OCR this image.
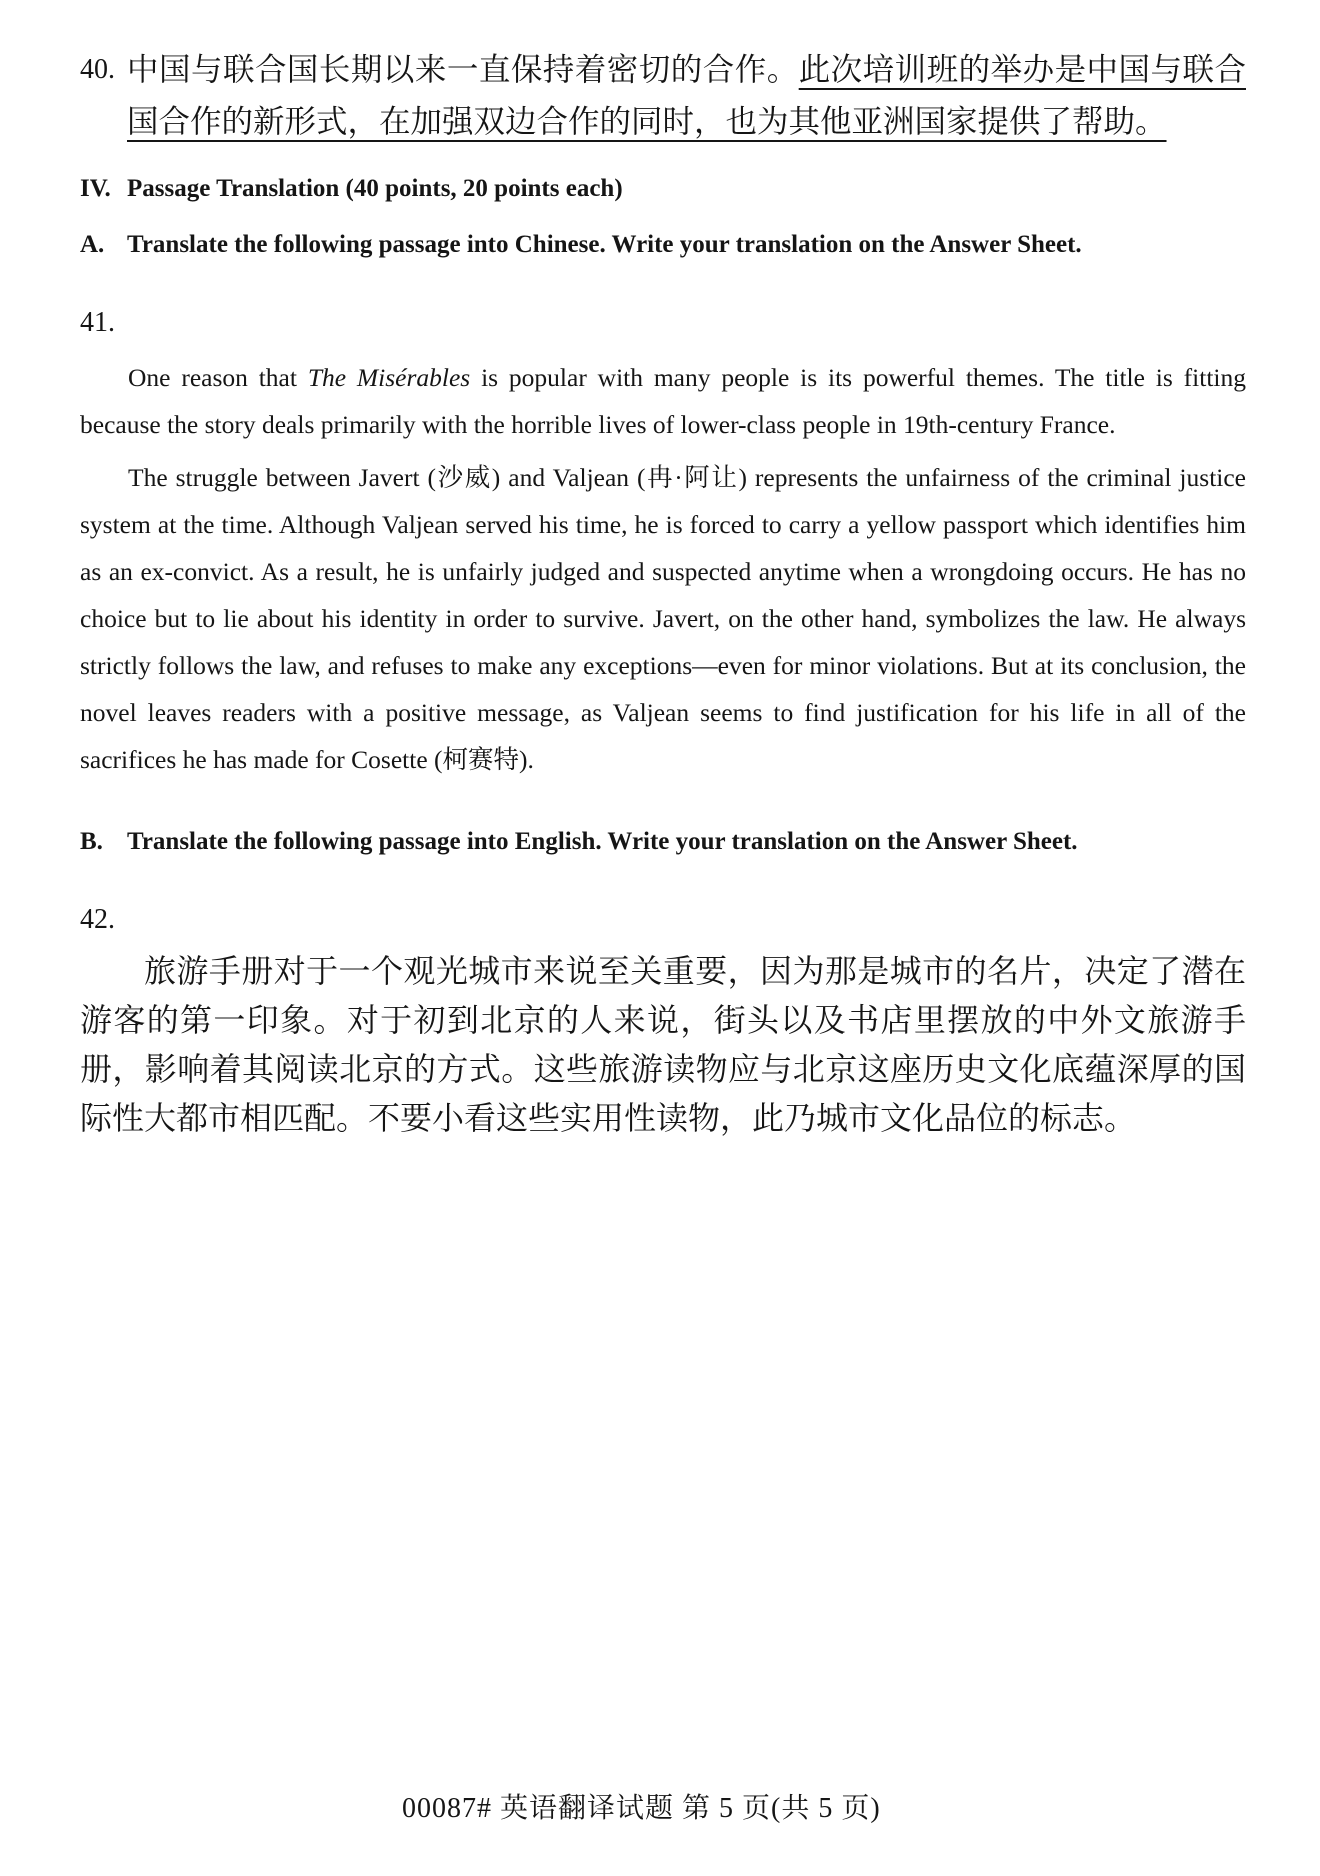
40. 中国与联合国长期以来一直保持着密切的合作。此次培训班的举办是中国与联合国合作的新形式，在加强双边合作的同时，也为其他亚洲国家提供了帮助。
IV. Passage Translation (40 points, 20 points each)
A. Translate the following passage into Chinese. Write your translation on the Answer Sheet.
41.
One reason that The Misérables is popular with many people is its powerful themes. The title is fitting because the story deals primarily with the horrible lives of lower-class people in 19th-century France.
The struggle between Javert (沙威) and Valjean (冉·阿让) represents the unfairness of the criminal justice system at the time. Although Valjean served his time, he is forced to carry a yellow passport which identifies him as an ex-convict. As a result, he is unfairly judged and suspected anytime when a wrongdoing occurs. He has no choice but to lie about his identity in order to survive. Javert, on the other hand, symbolizes the law. He always strictly follows the law, and refuses to make any exceptions—even for minor violations. But at its conclusion, the novel leaves readers with a positive message, as Valjean seems to find justification for his life in all of the sacrifices he has made for Cosette (柯赛特).
B. Translate the following passage into English. Write your translation on the Answer Sheet.
42.
旅游手册对于一个观光城市来说至关重要，因为那是城市的名片，决定了潜在游客的第一印象。对于初到北京的人来说，街头以及书店里摆放的中外文旅游手册，影响着其阅读北京的方式。这些旅游读物应与北京这座历史文化底蕴深厚的国际性大都市相匹配。不要小看这些实用性读物，此乃城市文化品位的标志。
00087# 英语翻译试题 第 5 页(共 5 页)
